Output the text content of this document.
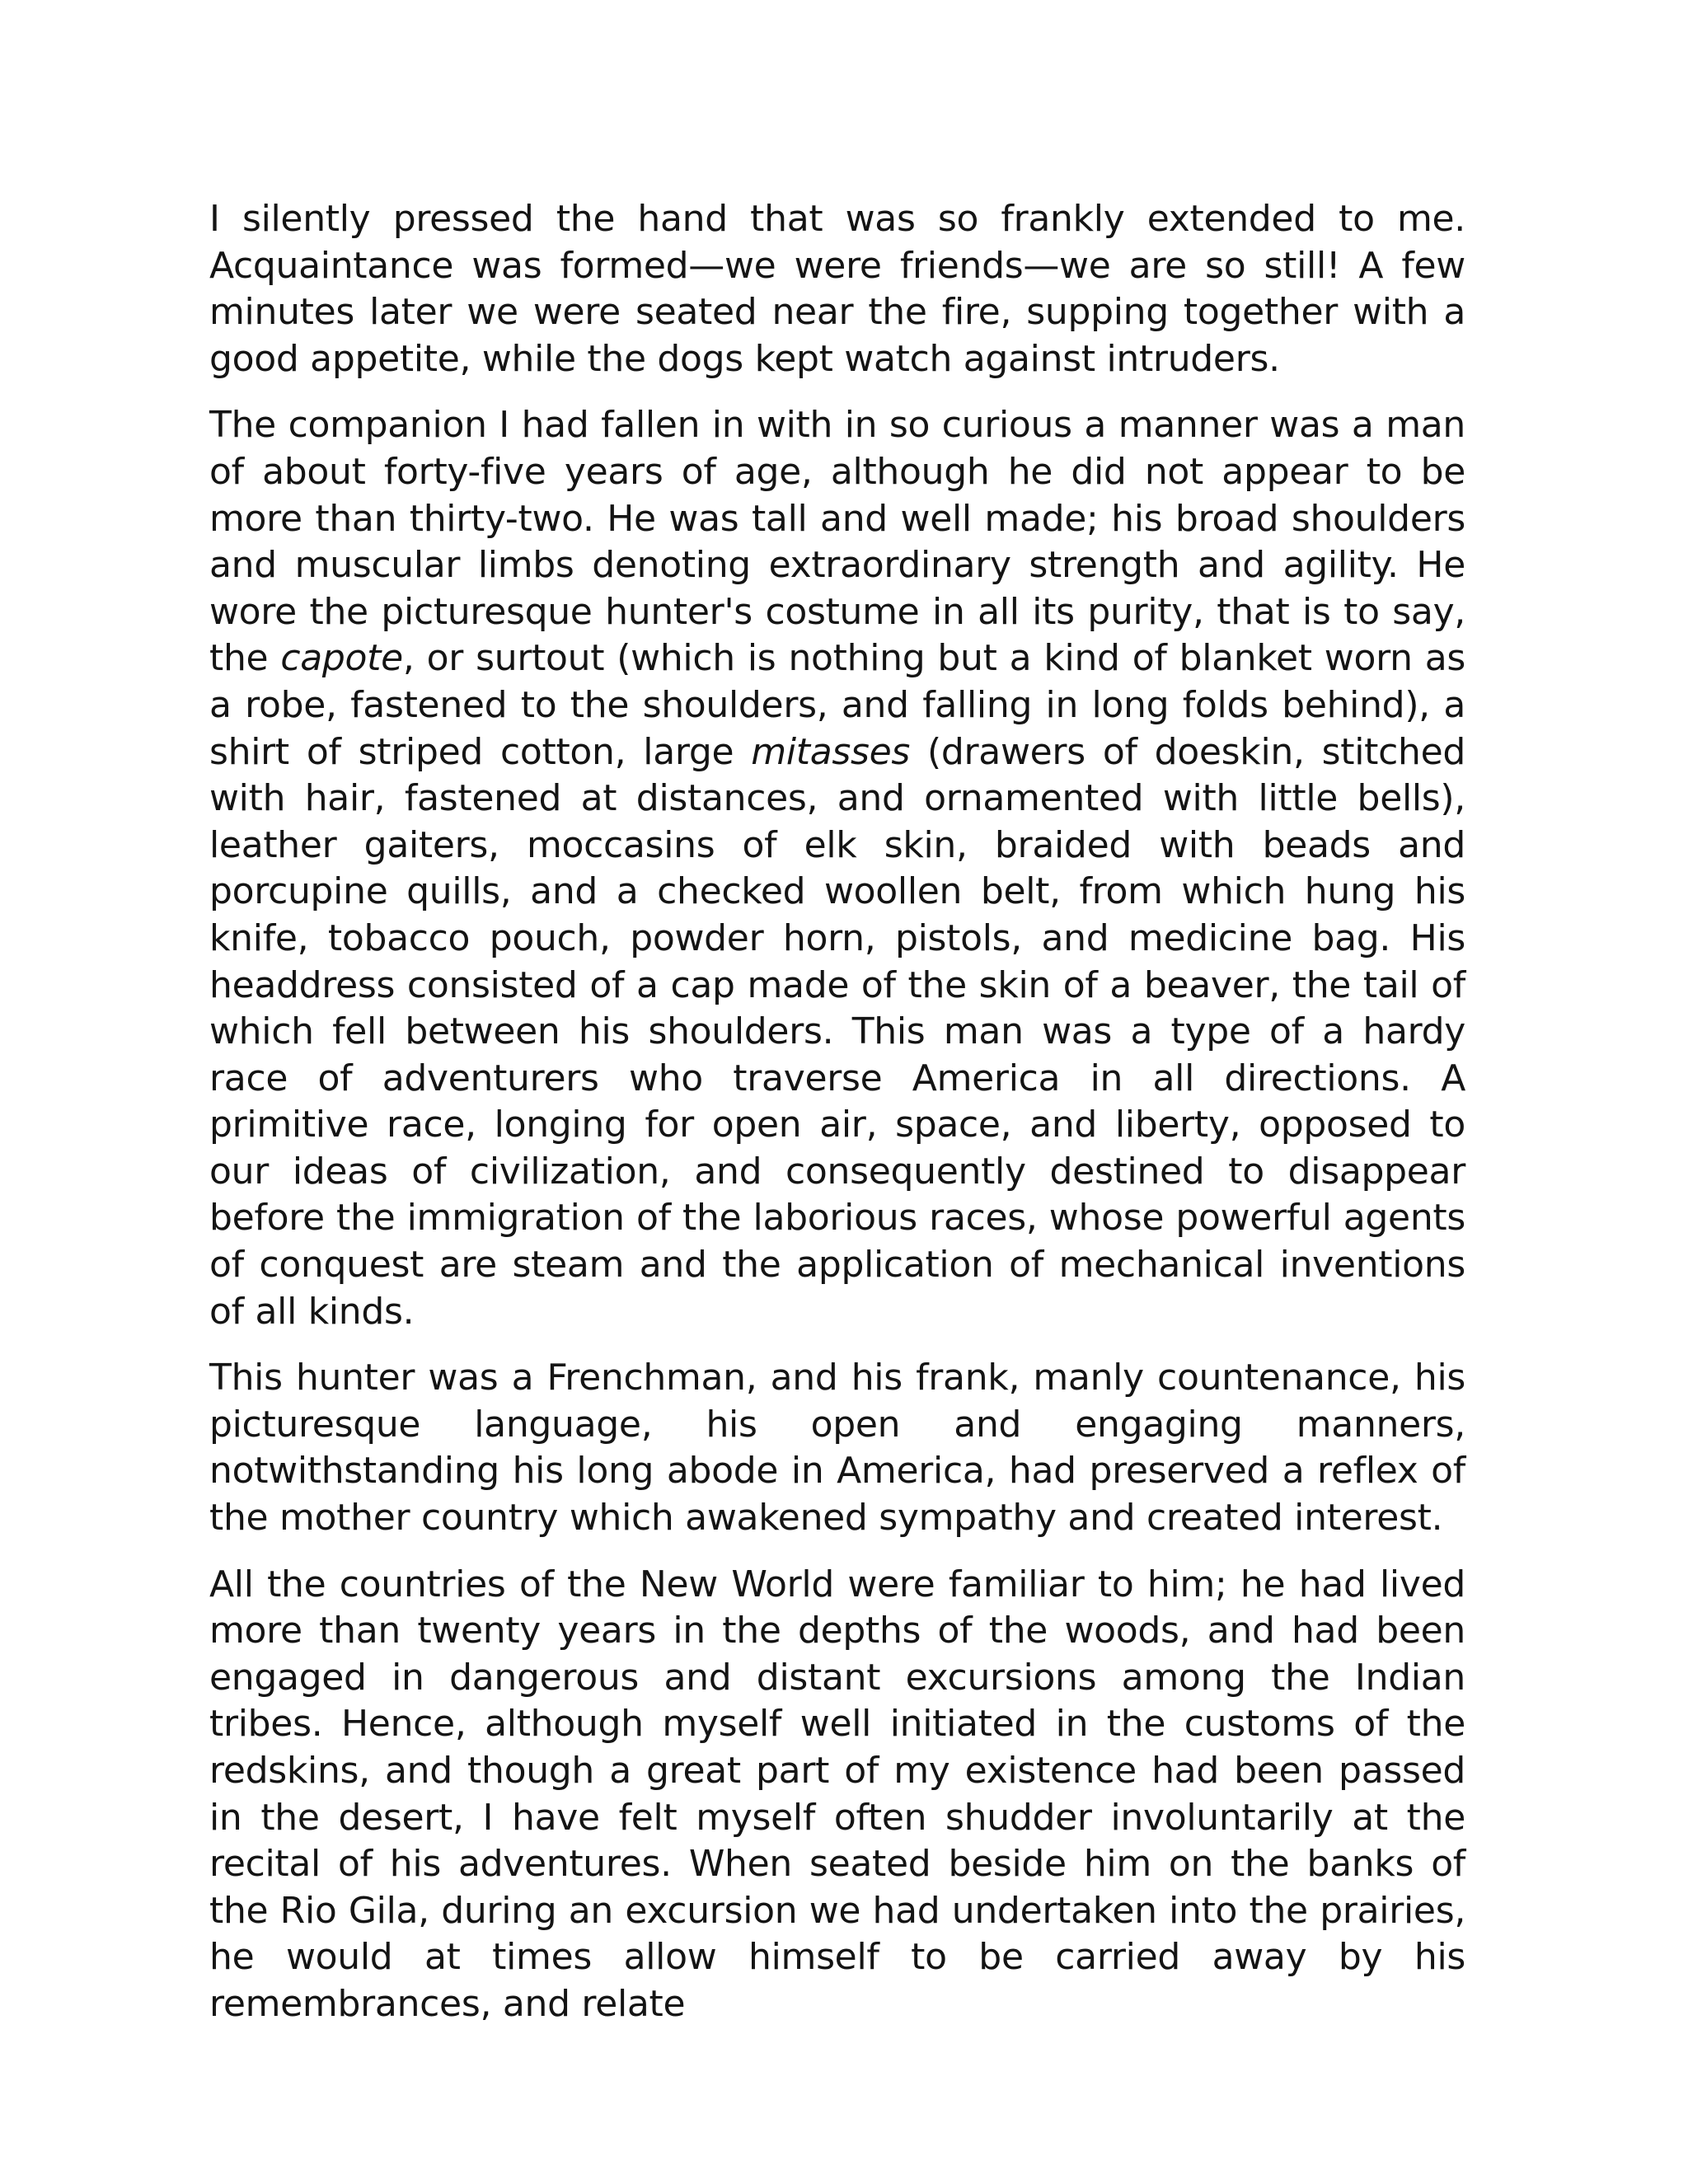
I silently pressed the hand that was so frankly extended to me. Acquaintance was formed—we were friends—we are so still! A few minutes later we were seated near the fire, supping together with a good appetite, while the dogs kept watch against intruders.

The companion I had fallen in with in so curious a manner was a man of about forty-five years of age, although he did not appear to be more than thirty-two. He was tall and well made; his broad shoulders and muscular limbs denoting extraordinary strength and agility. He wore the picturesque hunter's costume in all its purity, that is to say, the capote, or surtout (which is nothing but a kind of blanket worn as a robe, fastened to the shoulders, and falling in long folds behind), a shirt of striped cotton, large mitasses (drawers of doeskin, stitched with hair, fastened at distances, and ornamented with little bells), leather gaiters, moccasins of elk skin, braided with beads and porcupine quills, and a checked woollen belt, from which hung his knife, tobacco pouch, powder horn, pistols, and medicine bag. His headdress consisted of a cap made of the skin of a beaver, the tail of which fell between his shoulders. This man was a type of a hardy race of adventurers who traverse America in all directions. A primitive race, longing for open air, space, and liberty, opposed to our ideas of civilization, and consequently destined to disappear before the immigration of the laborious races, whose powerful agents of conquest are steam and the application of mechanical inventions of all kinds.

This hunter was a Frenchman, and his frank, manly countenance, his picturesque language, his open and engaging manners, notwithstanding his long abode in America, had preserved a reflex of the mother country which awakened sympathy and created interest.

All the countries of the New World were familiar to him; he had lived more than twenty years in the depths of the woods, and had been engaged in dangerous and distant excursions among the Indian tribes. Hence, although myself well initiated in the customs of the redskins, and though a great part of my existence had been passed in the desert, I have felt myself often shudder involuntarily at the recital of his adventures. When seated beside him on the banks of the Rio Gila, during an excursion we had undertaken into the prairies, he would at times allow himself to be carried away by his remembrances, and relate
